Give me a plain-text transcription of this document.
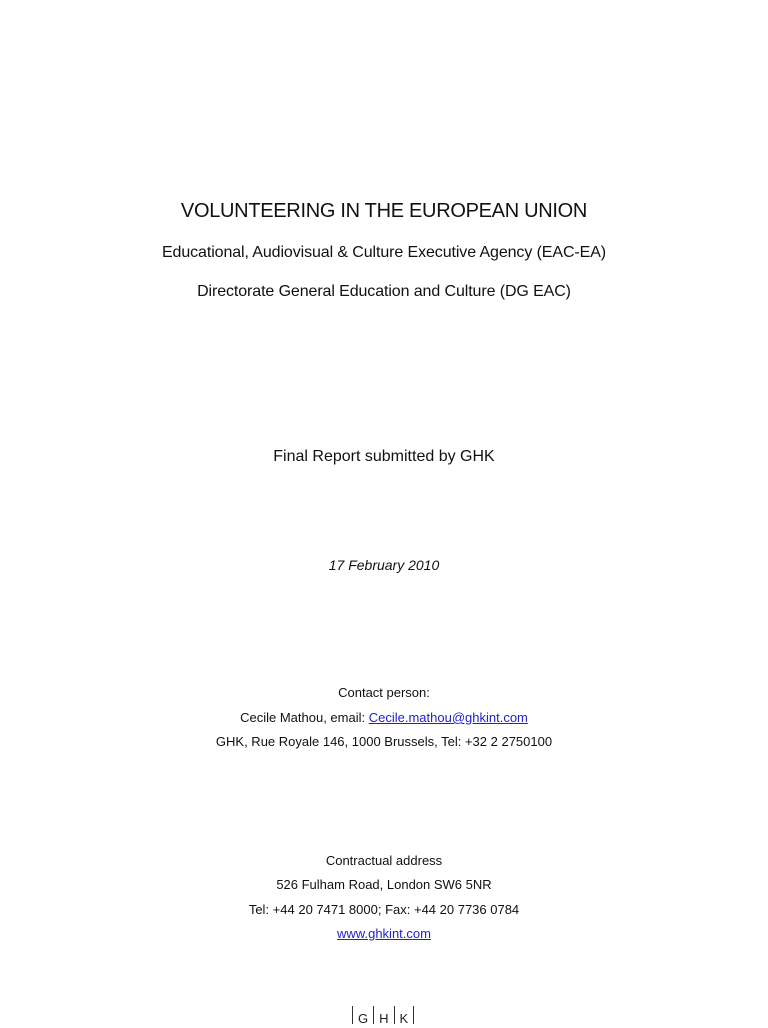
VOLUNTEERING IN THE EUROPEAN UNION

Educational, Audiovisual & Culture Executive Agency (EAC-EA)

Directorate General Education and Culture (DG EAC)

Final Report submitted by GHK

17 February 2010

Contact person:

Cecile Mathou, email: Cecile.mathou@ghkint.com

GHK, Rue Royale 146, 1000 Brussels, Tel: +32 2 2750100

Contractual address

526 Fulham Road, London SW6 5NR

Tel: +44 20 7471 8000; Fax: +44 20 7736 0784

www.ghkint.com

G H K
